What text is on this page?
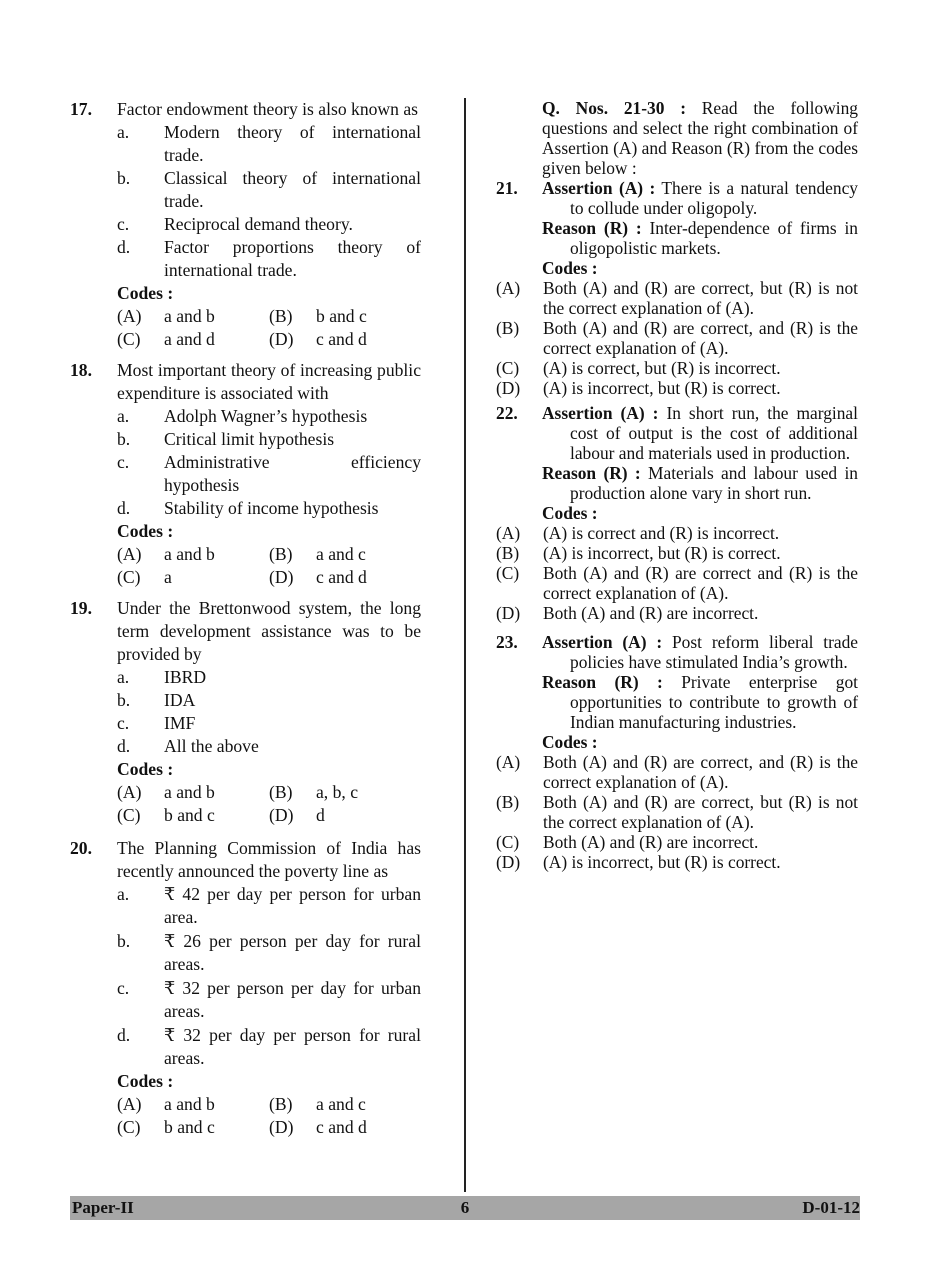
17.	Factor endowment theory is also known as
a.	Modern theory of international trade.
b.	Classical theory of international trade.
c.	Reciprocal demand theory.
d.	Factor proportions theory of international trade.
Codes :
(A)	a and b	(B)	b and c
(C)	a and d	(D)	c and d
18.	Most important theory of increasing public expenditure is associated with
a.	Adolph Wagner’s hypothesis
b.	Critical limit hypothesis
c.	Administrative efficiency hypothesis
d.	Stability of income hypothesis
Codes :
(A)	a and b	(B)	a and c
(C)	a	(D)	c and d
19.	Under the Brettonwood system, the long term development assistance was to be provided by
a.	IBRD
b.	IDA
c.	IMF
d.	All the above
Codes :
(A)	a and b	(B)	a, b, c
(C)	b and c	(D)	d
20.	The Planning Commission of India has recently announced the poverty line as
a.	₹ 42 per day per person for urban area.
b.	₹ 26 per person per day for rural areas.
c.	₹ 32 per person per day for urban areas.
d.	₹ 32 per day per person for rural areas.
Codes :
(A)	a and b	(B)	a and c
(C)	b and c	(D)	c and d
Q. Nos. 21-30 : Read the following questions and select the right combination of Assertion (A) and Reason (R) from the codes given below :
21.	Assertion (A) : There is a natural tendency to collude under oligopoly.
Reason (R) : Inter-dependence of firms in oligopolistic markets.
Codes :
(A)	Both (A) and (R) are correct, but (R) is not the correct explanation of (A).
(B)	Both (A) and (R) are correct, and (R) is the correct explanation of (A).
(C)	(A) is correct, but (R) is incorrect.
(D)	(A) is incorrect, but (R) is correct.
22.	Assertion (A) : In short run, the marginal cost of output is the cost of additional labour and materials used in production.
Reason (R) : Materials and labour used in production alone vary in short run.
Codes :
(A)	(A) is correct and (R) is incorrect.
(B)	(A) is incorrect, but (R) is correct.
(C)	Both (A) and (R) are correct and (R) is the correct explanation of (A).
(D)	Both (A) and (R) are incorrect.
23.	Assertion (A) : Post reform liberal trade policies have stimulated India’s growth.
Reason (R) : Private enterprise got opportunities to contribute to growth of Indian manufacturing industries.
Codes :
(A)	Both (A) and (R) are correct, and (R) is the correct explanation of (A).
(B)	Both (A) and (R) are correct, but (R) is not the correct explanation of (A).
(C)	Both (A) and (R) are incorrect.
(D)	(A) is incorrect, but (R) is correct.
6
Paper-II	D-01-12
